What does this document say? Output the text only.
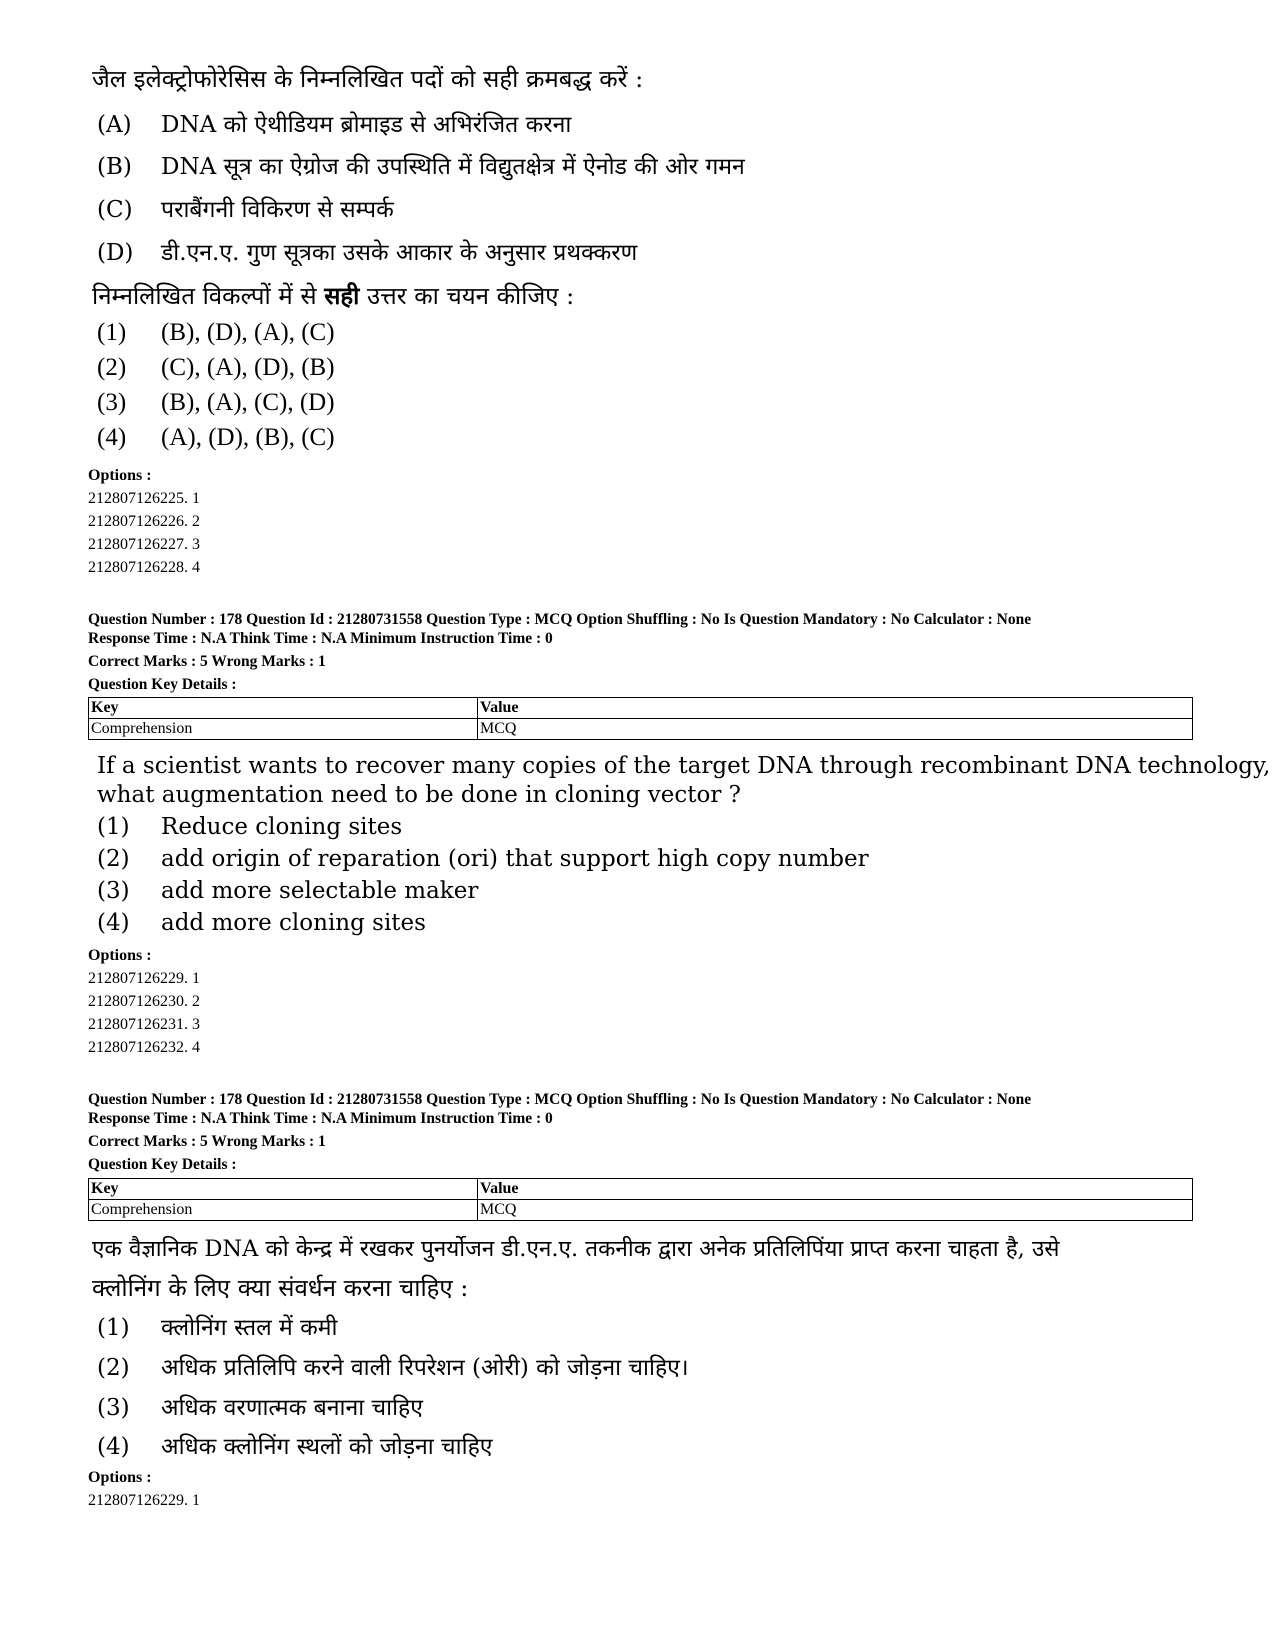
जैल इलेक्ट्रोफोरेसिस के निम्नलिखित पदों को सही क्रमबद्ध करें :
(A) DNA को ऐथीडियम ब्रोमाइड से अभिरंजित करना
(B) DNA सूत्र का ऐग्रोज की उपस्थिति में विद्युतक्षेत्र में ऐनोड की ओर गमन
(C) पराबैंगनी विकिरण से सम्पर्क
(D) डी.एन.ए. गुण सूत्रका उसके आकार के अनुसार प्रथक्करण
निम्नलिखित विकल्पों में से सही उत्तर का चयन कीजिए :
(1) (B), (D), (A), (C)
(2) (C), (A), (D), (B)
(3) (B), (A), (C), (D)
(4) (A), (D), (B), (C)
Options :
212807126225. 1
212807126226. 2
212807126227. 3
212807126228. 4
Question Number : 178 Question Id : 21280731558 Question Type : MCQ Option Shuffling : No Is Question Mandatory : No Calculator : None
Response Time : N.A Think Time : N.A Minimum Instruction Time : 0
Correct Marks : 5 Wrong Marks : 1
Question Key Details :
Key	Value
Comprehension	MCQ
If a scientist wants to recover many copies of the target DNA through recombinant DNA technology,
what augmentation need to be done in cloning vector ?
(1) Reduce cloning sites
(2) add origin of reparation (ori) that support high copy number
(3) add more selectable maker
(4) add more cloning sites
Options :
212807126229. 1
212807126230. 2
212807126231. 3
212807126232. 4
Question Number : 178 Question Id : 21280731558 Question Type : MCQ Option Shuffling : No Is Question Mandatory : No Calculator : None
Response Time : N.A Think Time : N.A Minimum Instruction Time : 0
Correct Marks : 5 Wrong Marks : 1
Question Key Details :
Key	Value
Comprehension	MCQ
एक वैज्ञानिक DNA को केन्द्र में रखकर पुनर्योजन डी.एन.ए. तकनीक द्वारा अनेक प्रतिलिपिंया प्राप्त करना चाहता है, उसे
क्लोनिंग के लिए क्या संवर्धन करना चाहिए :
(1) क्लोनिंग स्तल में कमी
(2) अधिक प्रतिलिपि करने वाली रिपरेशन (ओरी) को जोड़ना चाहिए।
(3) अधिक वरणात्मक बनाना चाहिए
(4) अधिक क्लोनिंग स्थलों को जोड़ना चाहिए
Options :
212807126229. 1
